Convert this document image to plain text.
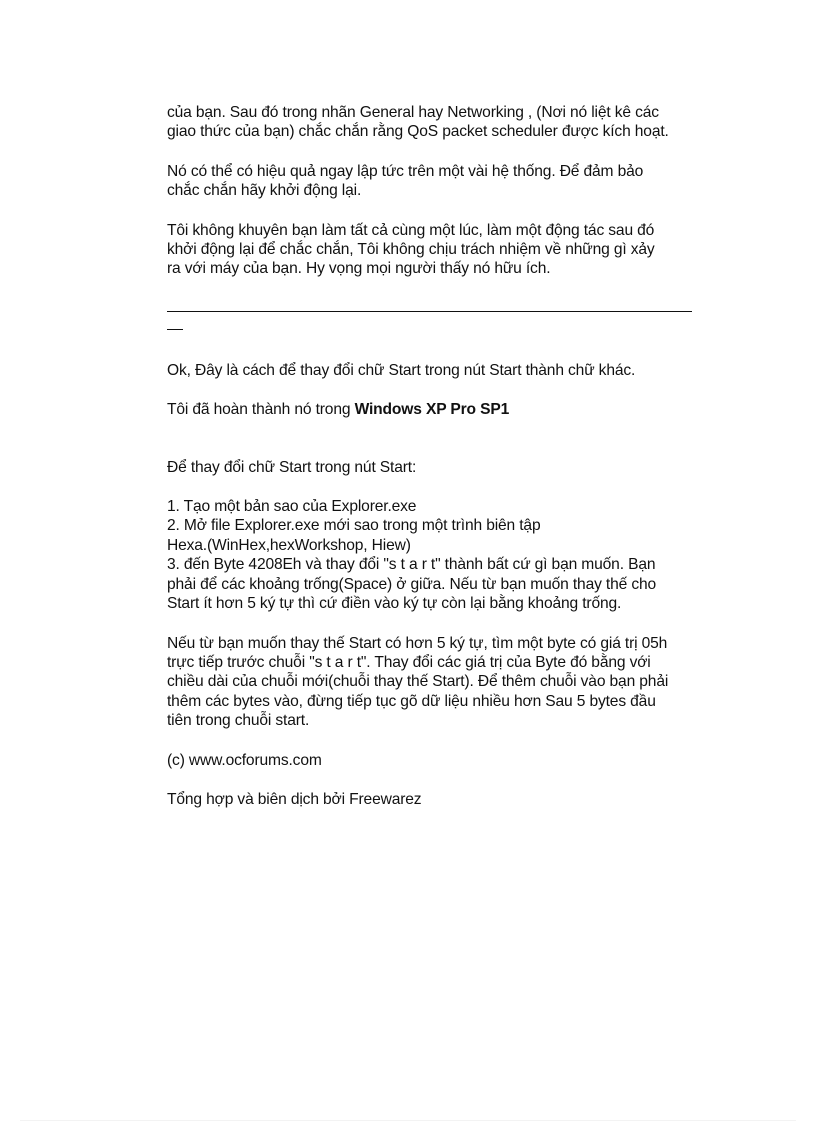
của bạn. Sau đó trong nhãn General hay Networking , (Nơi nó liệt kê các
giao thức của bạn) chắc chắn rằng QoS packet scheduler được kích hoạt.

Nó có thể có hiệu quả ngay lập tức trên một vài hệ thống. Để đảm bảo
chắc chắn hãy khởi động lại.

Tôi không khuyên bạn làm tất cả cùng một lúc, làm một động tác sau đó
khởi động lại để chắc chắn, Tôi không chịu trách nhiệm về những gì xảy
ra với máy của bạn. Hy vọng mọi người thấy nó hữu ích.

Ok, Đây là cách để thay đổi chữ Start trong nút Start thành chữ khác.

Tôi đã hoàn thành nó trong Windows XP Pro SP1

Để thay đổi chữ Start trong nút Start:

1. Tạo một bản sao của Explorer.exe
2. Mở file Explorer.exe mới sao trong một trình biên tập
Hexa.(WinHex,hexWorkshop, Hiew)
3. đến Byte 4208Eh và thay đổi "s t a r t" thành bất cứ gì bạn muốn. Bạn
phải để các khoảng trống(Space) ở giữa. Nếu từ bạn muốn thay thế cho
Start ít hơn 5 ký tự thì cứ điền vào ký tự còn lại bằng khoảng trống.

Nếu từ bạn muốn thay thế Start có hơn 5 ký tự, tìm một byte có giá trị 05h
trực tiếp trước chuỗi "s t a r t". Thay đổi các giá trị của Byte đó bằng với
chiều dài của chuỗi mới(chuỗi thay thế Start). Để thêm chuỗi vào bạn phải
thêm các bytes vào, đừng tiếp tục gõ dữ liệu nhiều hơn Sau 5 bytes đầu
tiên trong chuỗi start.

(c) www.ocforums.com

Tổng hợp và biên dịch bởi Freewarez
